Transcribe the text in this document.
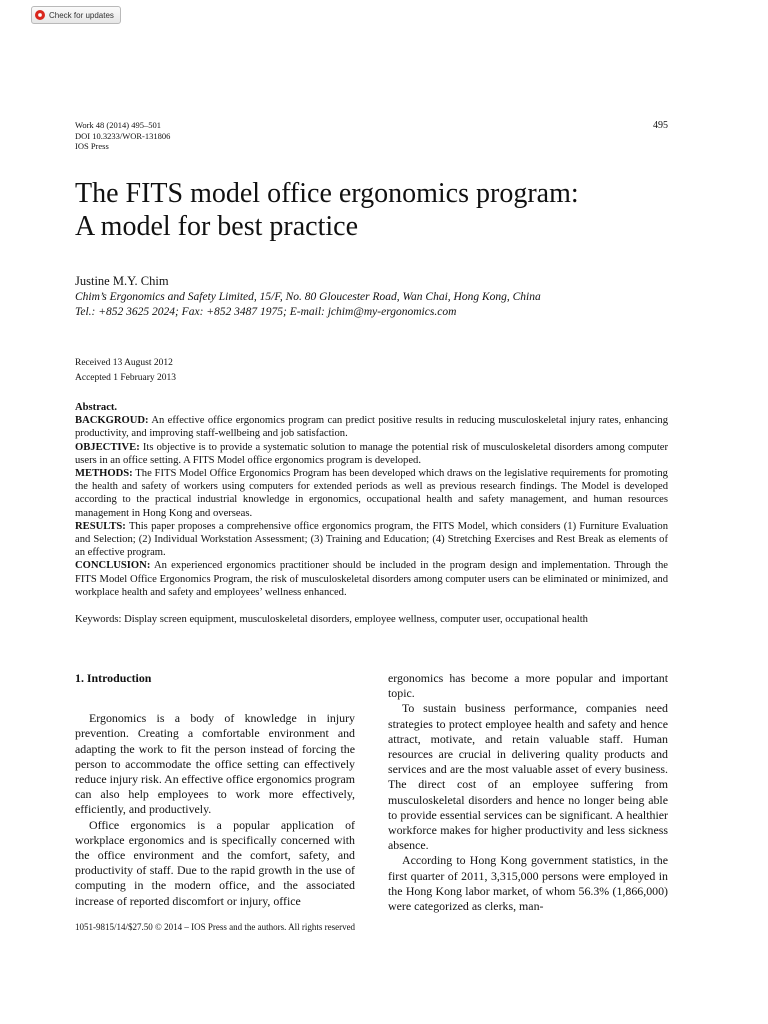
Check for updates
Work 48 (2014) 495–501
DOI 10.3233/WOR-131806
IOS Press
495
The FITS model office ergonomics program:
A model for best practice
Justine M.Y. Chim
Chim’s Ergonomics and Safety Limited, 15/F, No. 80 Gloucester Road, Wan Chai, Hong Kong, China
Tel.: +852 3625 2024; Fax: +852 3487 1975; E-mail: jchim@my-ergonomics.com
Received 13 August 2012
Accepted 1 February 2013

Abstract.

BACKGROUD: An effective office ergonomics program can predict positive results in reducing musculoskeletal injury rates, enhancing productivity, and improving staff-wellbeing and job satisfaction.

OBJECTIVE: Its objective is to provide a systematic solution to manage the potential risk of musculoskeletal disorders among computer users in an office setting. A FITS Model office ergonomics program is developed.

METHODS: The FITS Model Office Ergonomics Program has been developed which draws on the legislative requirements for promoting the health and safety of workers using computers for extended periods as well as previous research findings. The Model is developed according to the practical industrial knowledge in ergonomics, occupational health and safety management, and human resources management in Hong Kong and overseas.

RESULTS: This paper proposes a comprehensive office ergonomics program, the FITS Model, which considers (1) Furniture Evaluation and Selection; (2) Individual Workstation Assessment; (3) Training and Education; (4) Stretching Exercises and Rest Break as elements of an effective program.

CONCLUSION: An experienced ergonomics practitioner should be included in the program design and implementation. Through the FITS Model Office Ergonomics Program, the risk of musculoskeletal disorders among computer users can be eliminated or minimized, and workplace health and safety and employees’ wellness enhanced.

Keywords: Display screen equipment, musculoskeletal disorders, employee wellness, computer user, occupational health
1. Introduction

Ergonomics is a body of knowledge in injury prevention. Creating a comfortable environment and adapting the work to fit the person instead of forcing the person to accommodate the office setting can effectively reduce injury risk. An effective office ergonomics program can also help employees to work more effectively, efficiently, and productively.

Office ergonomics is a popular application of workplace ergonomics and is specifically concerned with the office environment and the comfort, safety, and productivity of staff. Due to the rapid growth in the use of computing in the modern office, and the associated increase of reported discomfort or injury, office

ergonomics has become a more popular and important topic.

To sustain business performance, companies need strategies to protect employee health and safety and hence attract, motivate, and retain valuable staff. Human resources are crucial in delivering quality products and services and are the most valuable asset of every business. The direct cost of an employee suffering from musculoskeletal disorders and hence no longer being able to provide essential services can be significant. A healthier workforce makes for higher productivity and less sickness absence.

According to Hong Kong government statistics, in the first quarter of 2011, 3,315,000 persons were employed in the Hong Kong labor market, of whom 56.3% (1,866,000) were categorized as clerks, man-

1051-9815/14/$27.50 © 2014 – IOS Press and the authors. All rights reserved
